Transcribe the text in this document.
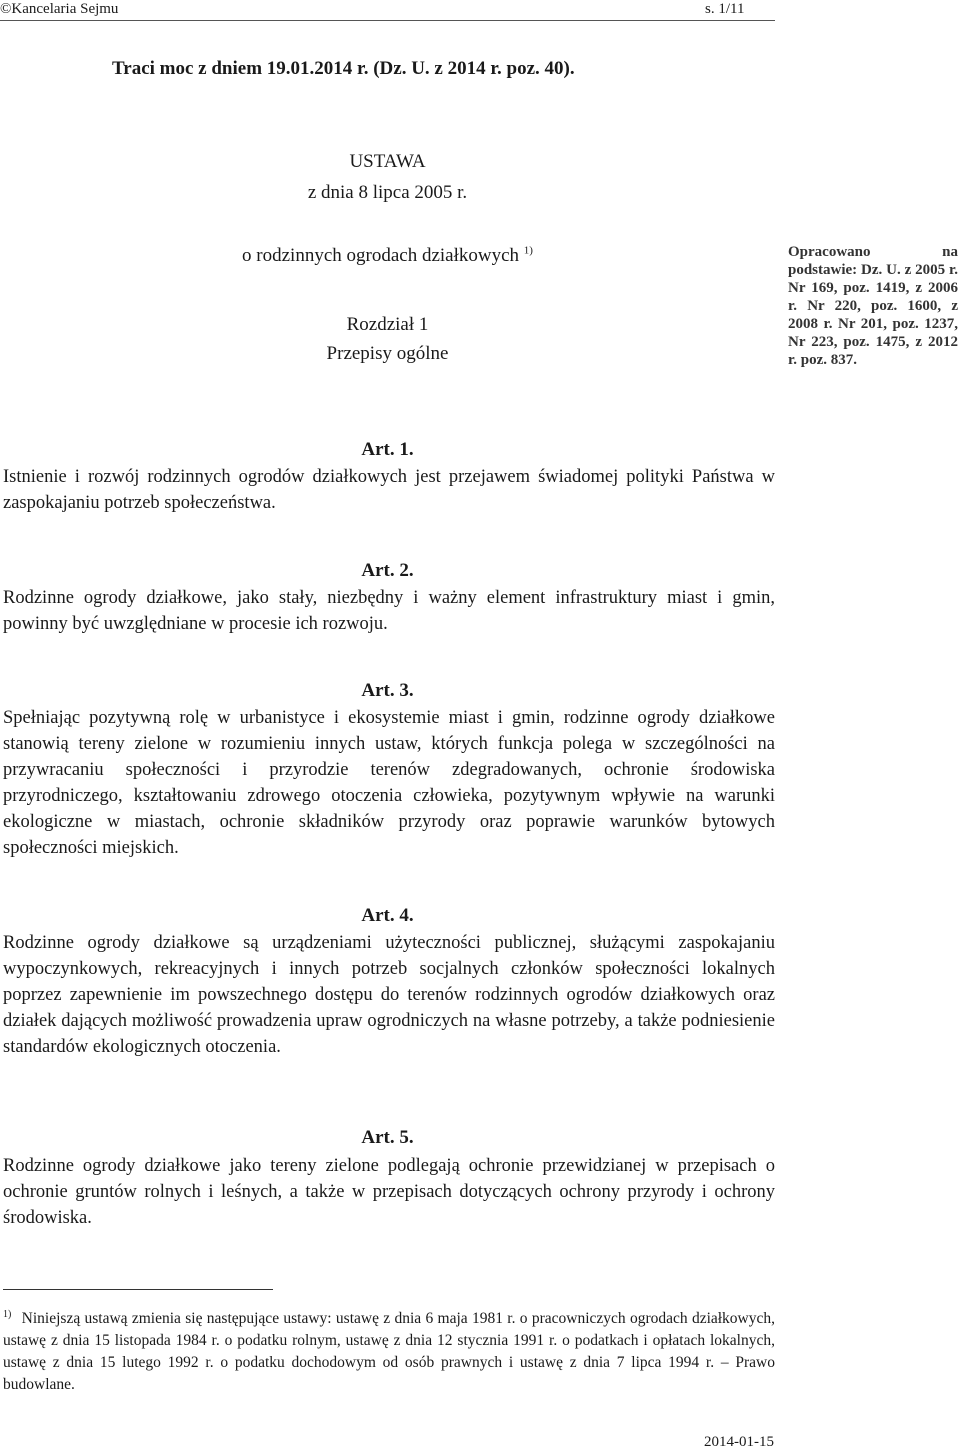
©Kancelaria Sejmu	s. 1/11
Traci moc z dniem 19.01.2014 r. (Dz. U. z 2014 r. poz. 40).
USTAWA
z dnia 8 lipca 2005 r.
o rodzinnych ogrodach działkowych $^{1)}$	Opracowano na podstawie: Dz. U. z 2005 r. Nr 169, poz. 1419, z 2006 r. Nr 220, poz. 1600, z 2008 r. Nr 201, poz. 1237, Nr 223, poz. 1475, z 2012 r. poz. 837.
Rozdział 1
Przepisy ogólne
Art. 1.
Istnienie i rozwój rodzinnych ogrodów działkowych jest przejawem świadomej polityki Państwa w zaspokajaniu potrzeb społeczeństwa.
Art. 2.
Rodzinne ogrody działkowe, jako stały, niezbędny i ważny element infrastruktury miast i gmin, powinny być uwzględniane w procesie ich rozwoju.
Art. 3.
Spełniając pozytywną rolę w urbanistyce i ekosystemie miast i gmin, rodzinne ogrody działkowe stanowią tereny zielone w rozumieniu innych ustaw, których funkcja polega w szczególności na przywracaniu społeczności i przyrodzie terenów zdegradowanych, ochronie środowiska przyrodniczego, kształtowaniu zdrowego otoczenia człowieka, pozytywnym wpływie na warunki ekologiczne w miastach, ochronie składników przyrody oraz poprawie warunków bytowych społeczności miejskich.
Art. 4.
Rodzinne ogrody działkowe są urządzeniami użyteczności publicznej, służącymi zaspokajaniu wypoczynkowych, rekreacyjnych i innych potrzeb socjalnych członków społeczności lokalnych poprzez zapewnienie im powszechnego dostępu do terenów rodzinnych ogrodów działkowych oraz działek dających możliwość prowadzenia upraw ogrodniczych na własne potrzeby, a także podniesienie standardów ekologicznych otoczenia.
Art. 5.
Rodzinne ogrody działkowe jako tereny zielone podlegają ochronie przewidzianej w przepisach o ochronie gruntów rolnych i leśnych, a także w przepisach dotyczących ochrony przyrody i ochrony środowiska.
$^{1)}$ Niniejszą ustawą zmienia się następujące ustawy: ustawę z dnia 6 maja 1981 r. o pracowniczych ogrodach działkowych, ustawę z dnia 15 listopada 1984 r. o podatku rolnym, ustawę z dnia 12 stycznia 1991 r. o podatkach i opłatach lokalnych, ustawę z dnia 15 lutego 1992 r. o podatku dochodowym od osób prawnych i ustawę z dnia 7 lipca 1994 r. – Prawo budowlane.
2014-01-15
